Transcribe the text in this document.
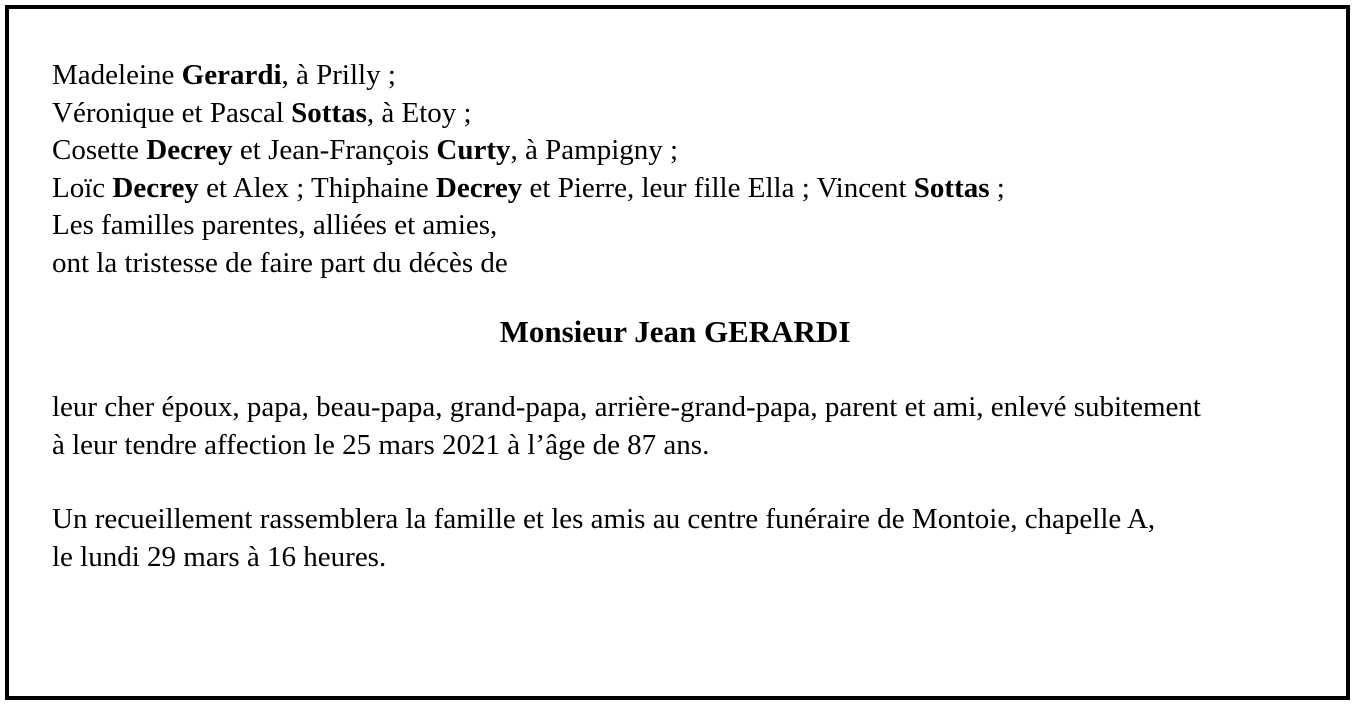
Madeleine Gerardi, à Prilly ;
Véronique et Pascal Sottas, à Etoy ;
Cosette Decrey et Jean-François Curty, à Pampigny ;
Loïc Decrey et Alex ; Thiphaine Decrey et Pierre, leur fille Ella ; Vincent Sottas ;
Les familles parentes, alliées et amies,
ont la tristesse de faire part du décès de
Monsieur Jean GERARDI
leur cher époux, papa, beau-papa, grand-papa, arrière-grand-papa, parent et ami, enlevé subitement
à leur tendre affection le 25 mars 2021 à l’âge de 87 ans.
Un recueillement rassemblera la famille et les amis au centre funéraire de Montoie, chapelle A,
le lundi 29 mars à 16 heures.
